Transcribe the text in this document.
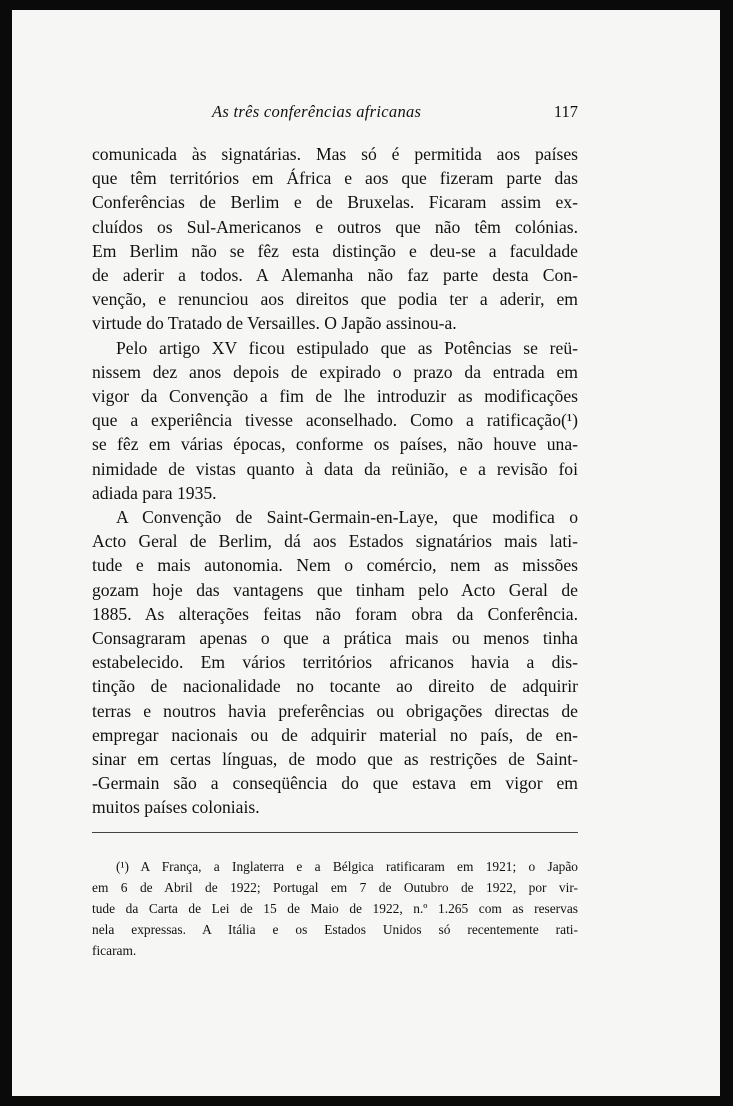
As três conferências africanas	117

comunicada às signatárias. Mas só é permitida aos países
que têm territórios em África e aos que fizeram parte das
Conferências de Berlim e de Bruxelas. Ficaram assim ex-
cluídos os Sul-Americanos e outros que não têm colónias.
Em Berlim não se fêz esta distinção e deu-se a faculdade
de aderir a todos. A Alemanha não faz parte desta Con-
venção, e renunciou aos direitos que podia ter a aderir, em
virtude do Tratado de Versailles. O Japão assinou-a.

Pelo artigo XV ficou estipulado que as Potências se reü-
nissem dez anos depois de expirado o prazo da entrada em
vigor da Convenção a fim de lhe introduzir as modificações
que a experiência tivesse aconselhado. Como a ratificação(¹)
se fêz em várias épocas, conforme os países, não houve una-
nimidade de vistas quanto à data da reünião, e a revisão foi
adiada para 1935.

A Convenção de Saint-Germain-en-Laye, que modifica o
Acto Geral de Berlim, dá aos Estados signatários mais lati-
tude e mais autonomia. Nem o comércio, nem as missões
gozam hoje das vantagens que tinham pelo Acto Geral de
1885. As alterações feitas não foram obra da Conferência.
Consagraram apenas o que a prática mais ou menos tinha
estabelecido. Em vários territórios africanos havia a dis-
tinção de nacionalidade no tocante ao direito de adquirir
terras e noutros havia preferências ou obrigações directas de
empregar nacionais ou de adquirir material no país, de en-
sinar em certas línguas, de modo que as restrições de Saint-
-Germain são a conseqüência do que estava em vigor em
muitos países coloniais.

(¹) A França, a Inglaterra e a Bélgica ratificaram em 1921; o Japão
em 6 de Abril de 1922; Portugal em 7 de Outubro de 1922, por vir-
tude da Carta de Lei de 15 de Maio de 1922, n.º 1.265 com as reservas
nela expressas. A Itália e os Estados Unidos só recentemente rati-
ficaram.
